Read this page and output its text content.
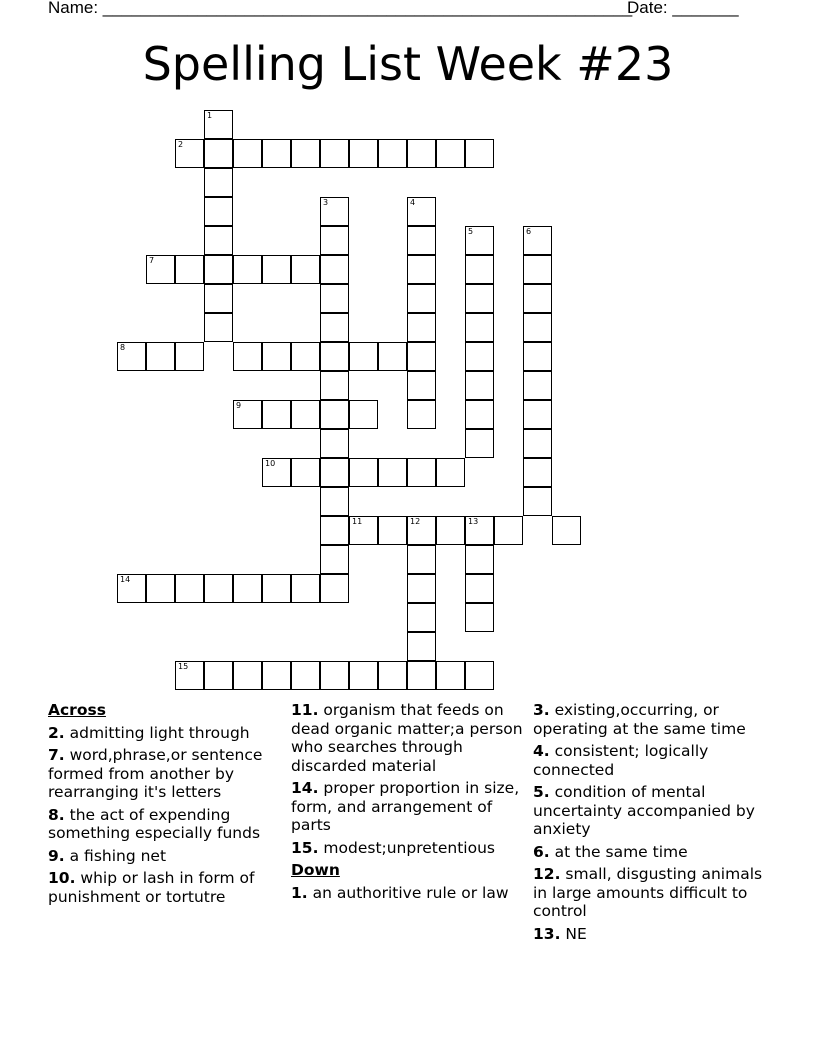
Name: ________________________________________________________
Date: _______
Spelling List Week #23
1
2
3	4
5	6
7
8
9
10
11	12	13
14
15
Across
2. admitting light through
7. word,phrase,or sentence formed from another by rearranging it's letters
8. the act of expending something especially funds
9. a fishing net
10. whip or lash in form of punishment or tortutre
11. organism that feeds on dead organic matter;a person who searches through discarded material
14. proper proportion in size, form, and arrangement of parts
15. modest;unpretentious
Down
1. an authoritive rule or law
3. existing,occurring, or operating at the same time
4. consistent; logically connected
5. condition of mental uncertainty accompanied by anxiety
6. at the same time
12. small, disgusting animals in large amounts difficult to control
13. NE
